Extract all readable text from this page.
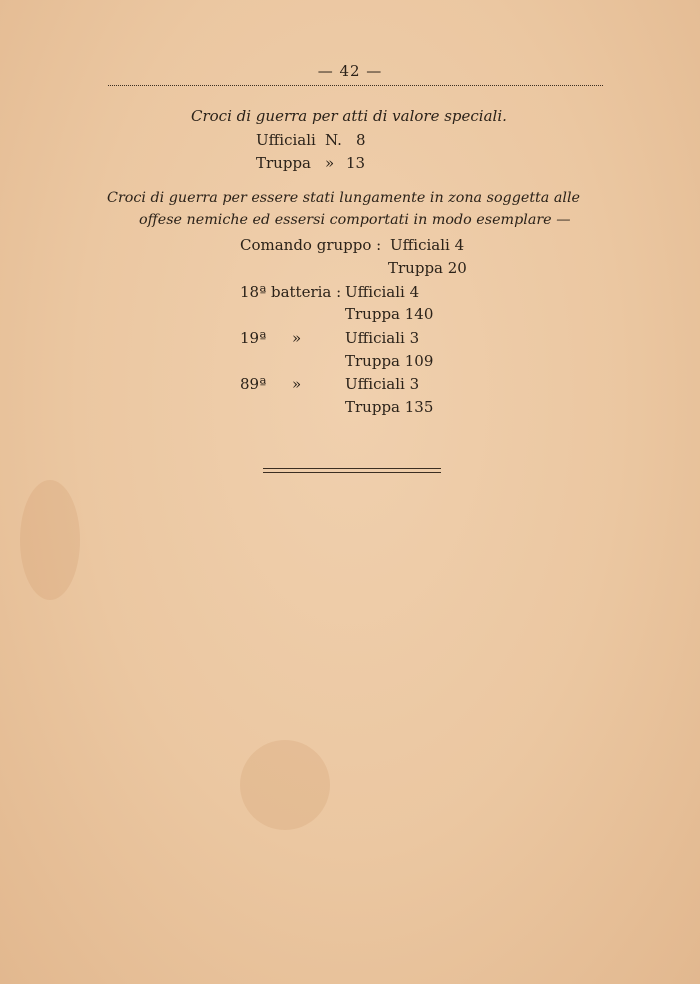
— 42 —
Croci di guerra per atti di valore speciali.
Ufficiali N. 8
Truppa » 13
Croci di guerra per essere stati lungamente in zona soggetta alle
offese nemiche ed essersi comportati in modo esemplare —
Comando gruppo : Ufficiali 4
Truppa 20
18ª batteria : Ufficiali 4
Truppa 140
19ª »	Ufficiali 3
Truppa 109
89ª »	Ufficiali 3
Truppa 135
